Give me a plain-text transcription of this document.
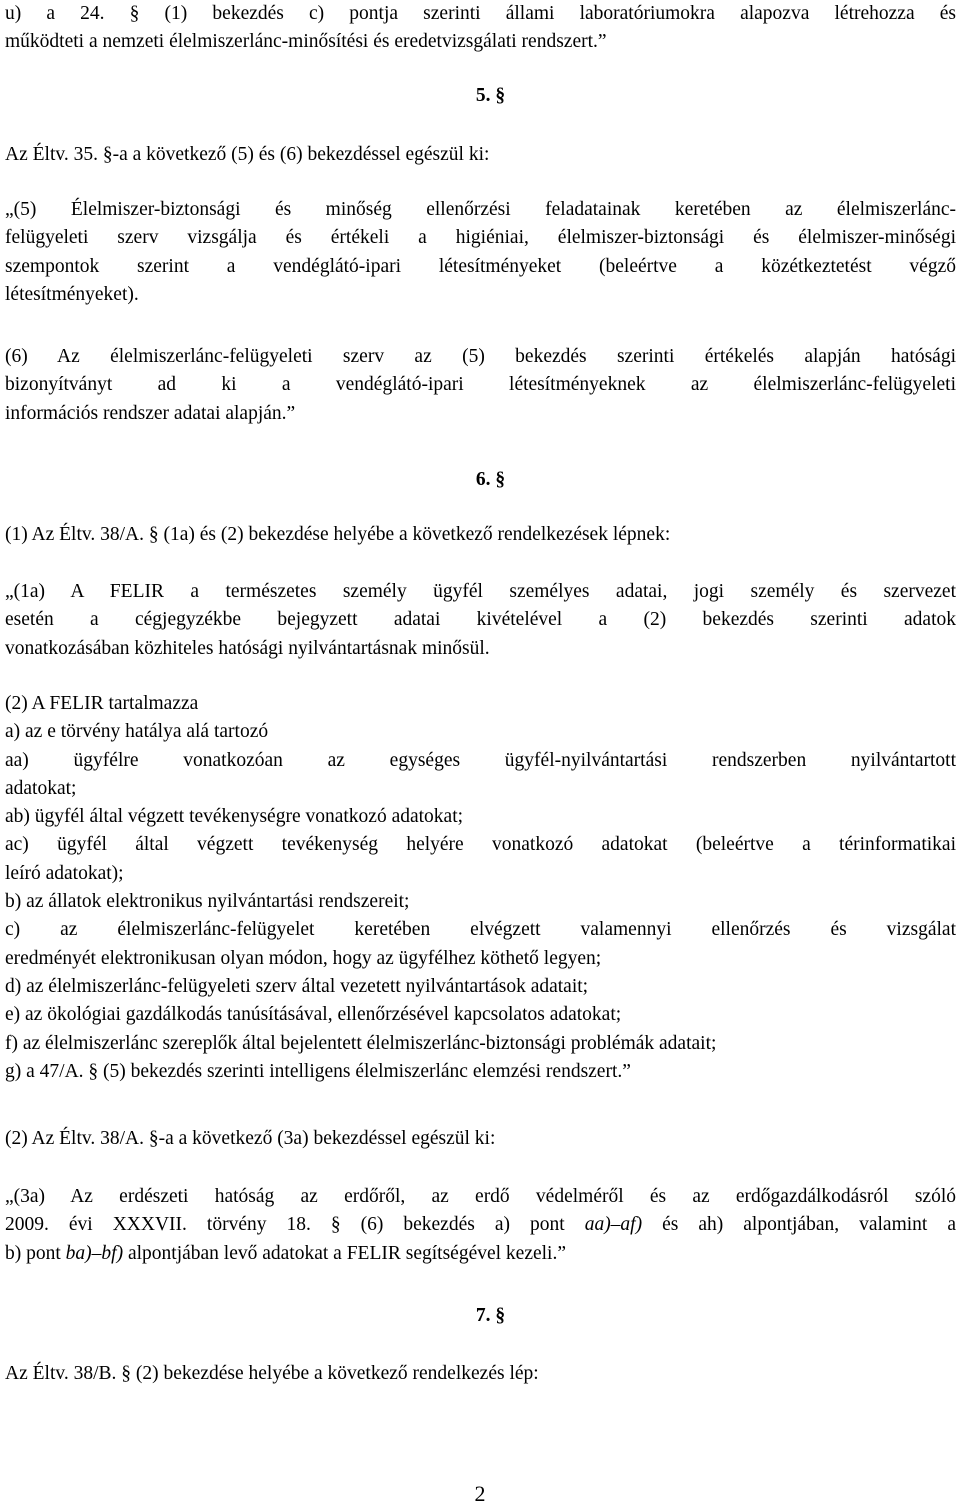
u) a 24. § (1) bekezdés c) pontja szerinti állami laboratóriumokra alapozva létrehozza és

működteti a nemzeti élelmiszerlánc-minősítési és eredetvizsgálati rendszert.”

5. §

Az Éltv. 35. §-a a következő (5) és (6) bekezdéssel egészül ki:

„(5) Élelmiszer-biztonsági és minőség ellenőrzési feladatainak keretében az élelmiszerlánc-

felügyeleti szerv vizsgálja és értékeli a higiéniai, élelmiszer-biztonsági és élelmiszer-minőségi

szempontok szerint a vendéglátó-ipari létesítményeket (beleértve a közétkeztetést végző

létesítményeket).

(6) Az élelmiszerlánc-felügyeleti szerv az (5) bekezdés szerinti értékelés alapján hatósági

bizonyítványt ad ki a vendéglátó-ipari létesítményeknek az élelmiszerlánc-felügyeleti

információs rendszer adatai alapján.”

6. §

(1) Az Éltv. 38/A. § (1a) és (2) bekezdése helyébe a következő rendelkezések lépnek:

„(1a) A FELIR a természetes személy ügyfél személyes adatai, jogi személy és szervezet

esetén a cégjegyzékbe bejegyzett adatai kivételével a (2) bekezdés szerinti adatok

vonatkozásában közhiteles hatósági nyilvántartásnak minősül.

(2) A FELIR tartalmazza

a) az e törvény hatálya alá tartozó

aa) ügyfélre vonatkozóan az egységes ügyfél-nyilvántartási rendszerben nyilvántartott

adatokat;

ab) ügyfél által végzett tevékenységre vonatkozó adatokat;

ac) ügyfél által végzett tevékenység helyére vonatkozó adatokat (beleértve a térinformatikai

leíró adatokat);

b) az állatok elektronikus nyilvántartási rendszereit;

c) az élelmiszerlánc-felügyelet keretében elvégzett valamennyi ellenőrzés és vizsgálat

eredményét elektronikusan olyan módon, hogy az ügyfélhez köthető legyen;

d) az élelmiszerlánc-felügyeleti szerv által vezetett nyilvántartások adatait;

e) az ökológiai gazdálkodás tanúsításával, ellenőrzésével kapcsolatos adatokat;

f) az élelmiszerlánc szereplők által bejelentett élelmiszerlánc-biztonsági problémák adatait;

g) a 47/A. § (5) bekezdés szerinti intelligens élelmiszerlánc elemzési rendszert.”

(2) Az Éltv. 38/A. §-a a következő (3a) bekezdéssel egészül ki:

„(3a) Az erdészeti hatóság az erdőről, az erdő védelméről és az erdőgazdálkodásról szóló

2009. évi XXXVII. törvény 18. § (6) bekezdés a) pont aa)–af) és ah) alpontjában, valamint a

b) pont ba)–bf) alpontjában levő adatokat a FELIR segítségével kezeli.”

7. §

Az Éltv. 38/B. § (2) bekezdése helyébe a következő rendelkezés lép:

2
